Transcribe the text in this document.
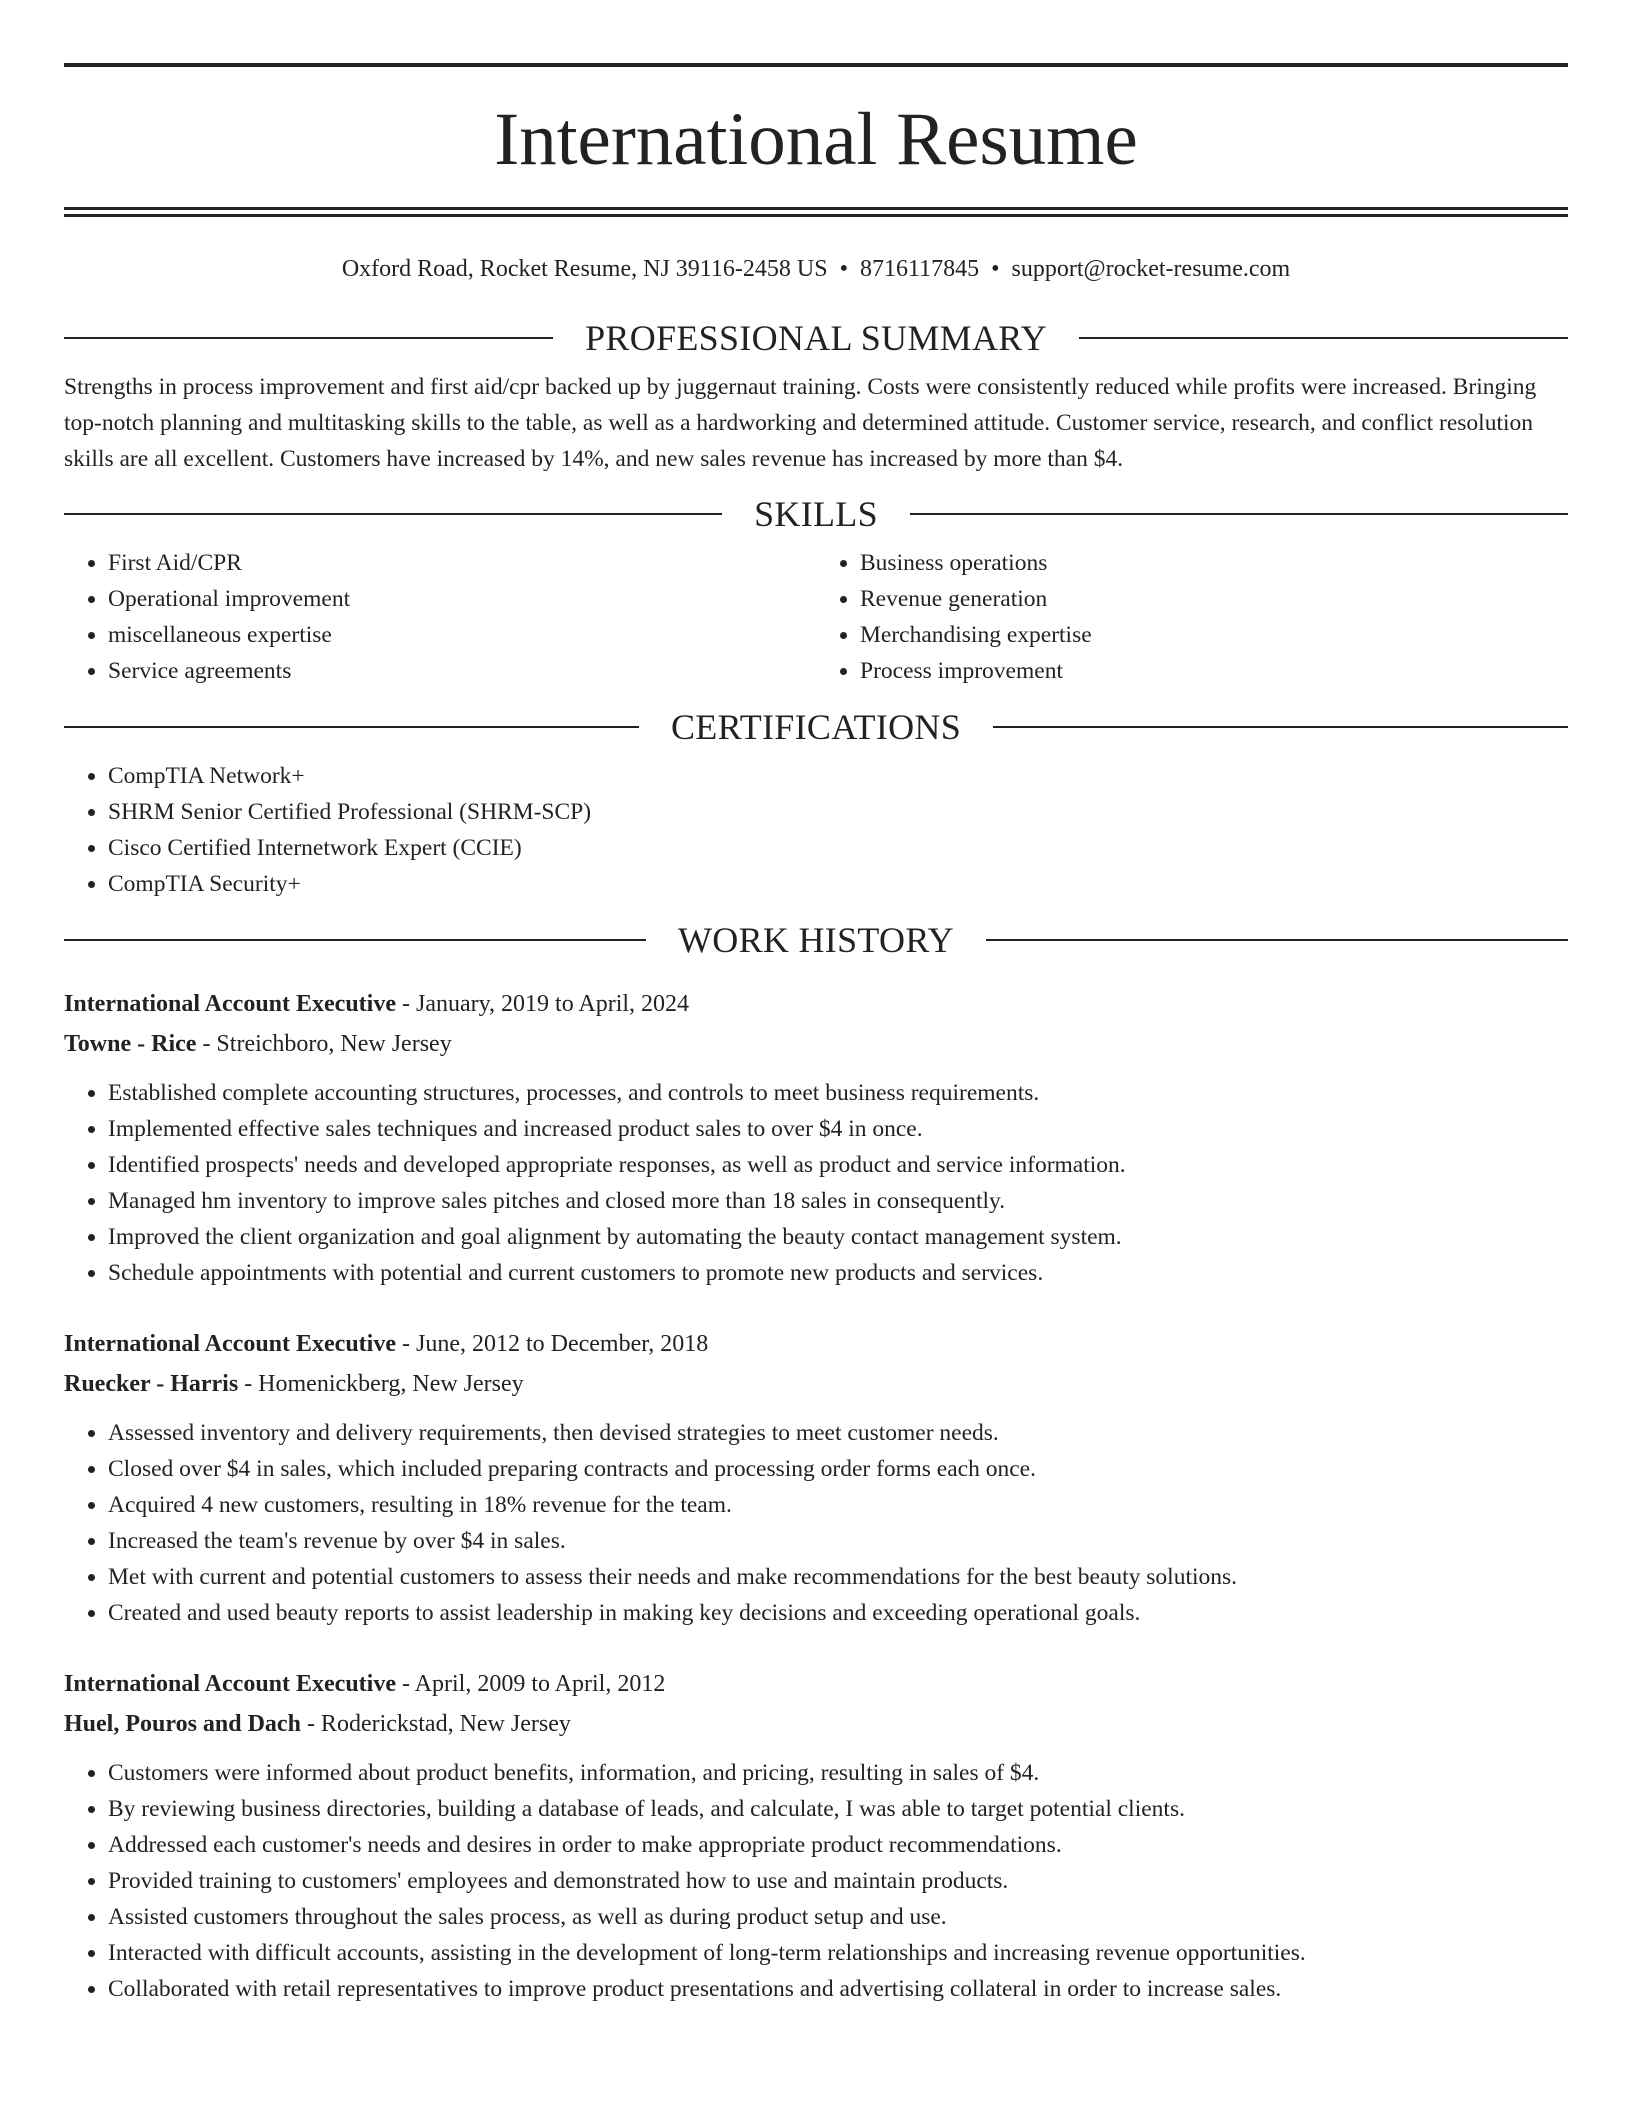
International Resume
Oxford Road, Rocket Resume, NJ 39116-2458 US • 8716117845 • support@rocket-resume.com
PROFESSIONAL SUMMARY

Strengths in process improvement and first aid/cpr backed up by juggernaut training. Costs were consistently reduced while profits were increased. Bringing top-notch planning and multitasking skills to the table, as well as a hardworking and determined attitude. Customer service, research, and conflict resolution skills are all excellent. Customers have increased by 14%, and new sales revenue has increased by more than $4.

SKILLS
• First Aid/CPR
• Operational improvement
• miscellaneous expertise
• Service agreements
• Business operations
• Revenue generation
• Merchandising expertise
• Process improvement
CERTIFICATIONS
• CompTIA Network+
• SHRM Senior Certified Professional (SHRM-SCP)
• Cisco Certified Internetwork Expert (CCIE)
• CompTIA Security+
WORK HISTORY
International Account Executive - January, 2019 to April, 2024
Towne - Rice - Streichboro, New Jersey
• Established complete accounting structures, processes, and controls to meet business requirements.
• Implemented effective sales techniques and increased product sales to over $4 in once.
• Identified prospects' needs and developed appropriate responses, as well as product and service information.
• Managed hm inventory to improve sales pitches and closed more than 18 sales in consequently.
• Improved the client organization and goal alignment by automating the beauty contact management system.
• Schedule appointments with potential and current customers to promote new products and services.
International Account Executive - June, 2012 to December, 2018
Ruecker - Harris - Homenickberg, New Jersey
• Assessed inventory and delivery requirements, then devised strategies to meet customer needs.
• Closed over $4 in sales, which included preparing contracts and processing order forms each once.
• Acquired 4 new customers, resulting in 18% revenue for the team.
• Increased the team's revenue by over $4 in sales.
• Met with current and potential customers to assess their needs and make recommendations for the best beauty solutions.
• Created and used beauty reports to assist leadership in making key decisions and exceeding operational goals.
International Account Executive - April, 2009 to April, 2012
Huel, Pouros and Dach - Roderickstad, New Jersey
• Customers were informed about product benefits, information, and pricing, resulting in sales of $4.
• By reviewing business directories, building a database of leads, and calculate, I was able to target potential clients.
• Addressed each customer's needs and desires in order to make appropriate product recommendations.
• Provided training to customers' employees and demonstrated how to use and maintain products.
• Assisted customers throughout the sales process, as well as during product setup and use.
• Interacted with difficult accounts, assisting in the development of long-term relationships and increasing revenue opportunities.
• Collaborated with retail representatives to improve product presentations and advertising collateral in order to increase sales.
